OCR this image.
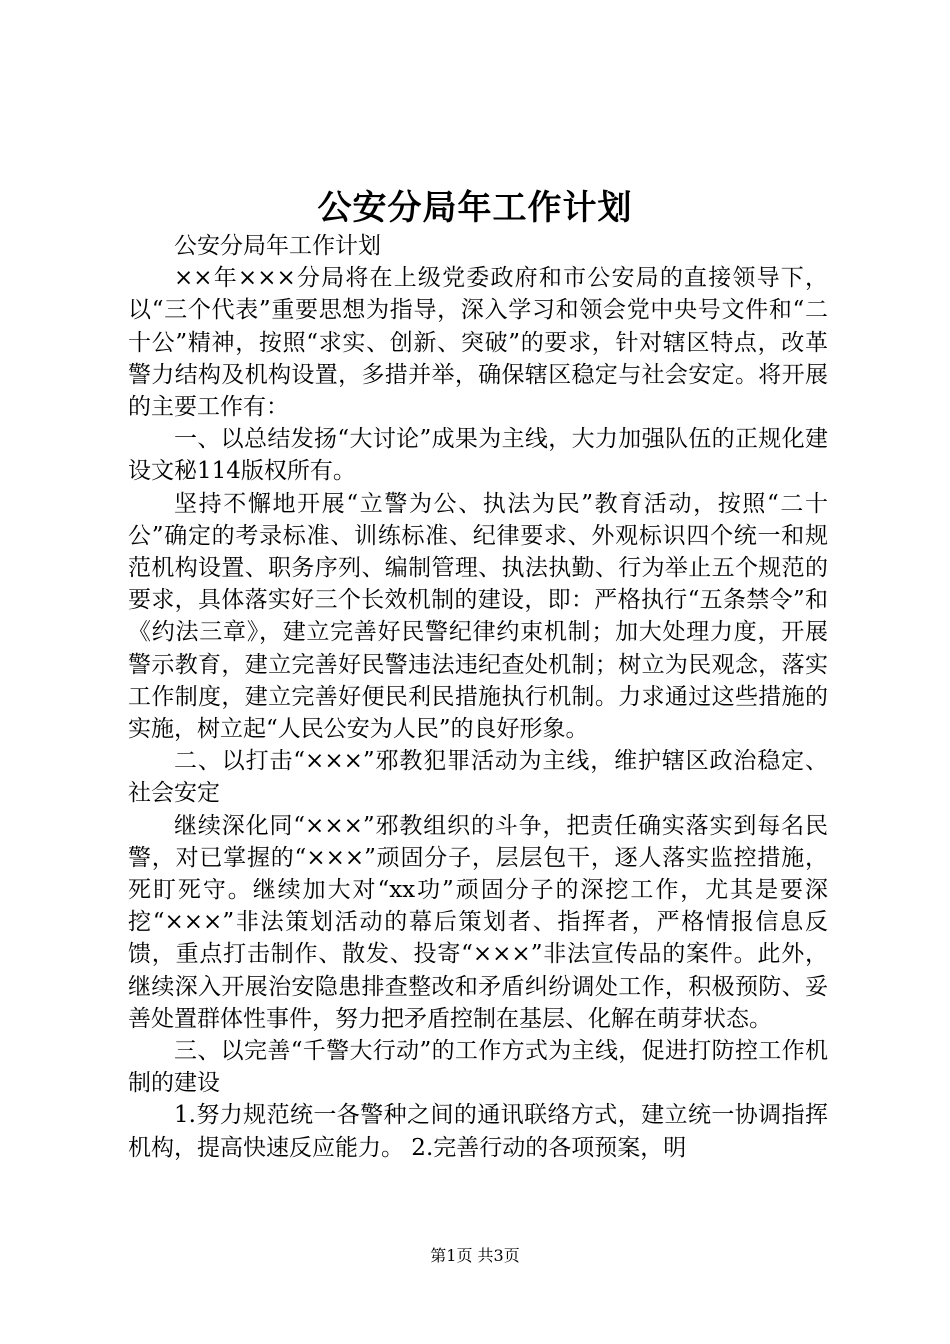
公安分局年工作计划

公安分局年工作计划

××年×××分局将在上级党委政府和市公安局的直接领导下，以“三个代表”重要思想为指导，深入学习和领会党中央号文件和“二十公”精神，按照“求实、创新、突破”的要求，针对辖区特点，改革警力结构及机构设置，多措并举，确保辖区稳定与社会安定。将开展的主要工作有：

一、以总结发扬“大讨论”成果为主线，大力加强队伍的正规化建设文秘114版权所有。

坚持不懈地开展“立警为公、执法为民”教育活动，按照“二十公”确定的考录标准、训练标准、纪律要求、外观标识四个统一和规范机构设置、职务序列、编制管理、执法执勤、行为举止五个规范的要求，具体落实好三个长效机制的建设，即：严格执行“五条禁令”和《约法三章》，建立完善好民警纪律约束机制；加大处理力度，开展警示教育，建立完善好民警违法违纪查处机制；树立为民观念，落实工作制度，建立完善好便民利民措施执行机制。力求通过这些措施的实施，树立起“人民公安为人民”的良好形象。

二、以打击“×××”邪教犯罪活动为主线，维护辖区政治稳定、社会安定

继续深化同“×××”邪教组织的斗争，把责任确实落实到每名民警，对已掌握的“×××”顽固分子，层层包干，逐人落实监控措施，死盯死守。继续加大对“xx功”顽固分子的深挖工作，尤其是要深挖“×××”非法策划活动的幕后策划者、指挥者，严格情报信息反馈，重点打击制作、散发、投寄“×××”非法宣传品的案件。此外，继续深入开展治安隐患排查整改和矛盾纠纷调处工作，积极预防、妥善处置群体性事件，努力把矛盾控制在基层、化解在萌芽状态。

三、以完善“千警大行动”的工作方式为主线，促进打防控工作机制的建设

1.努力规范统一各警种之间的通讯联络方式，建立统一协调指挥机构，提高快速反应能力。 2.完善行动的各项预案，明

第1页 共3页
